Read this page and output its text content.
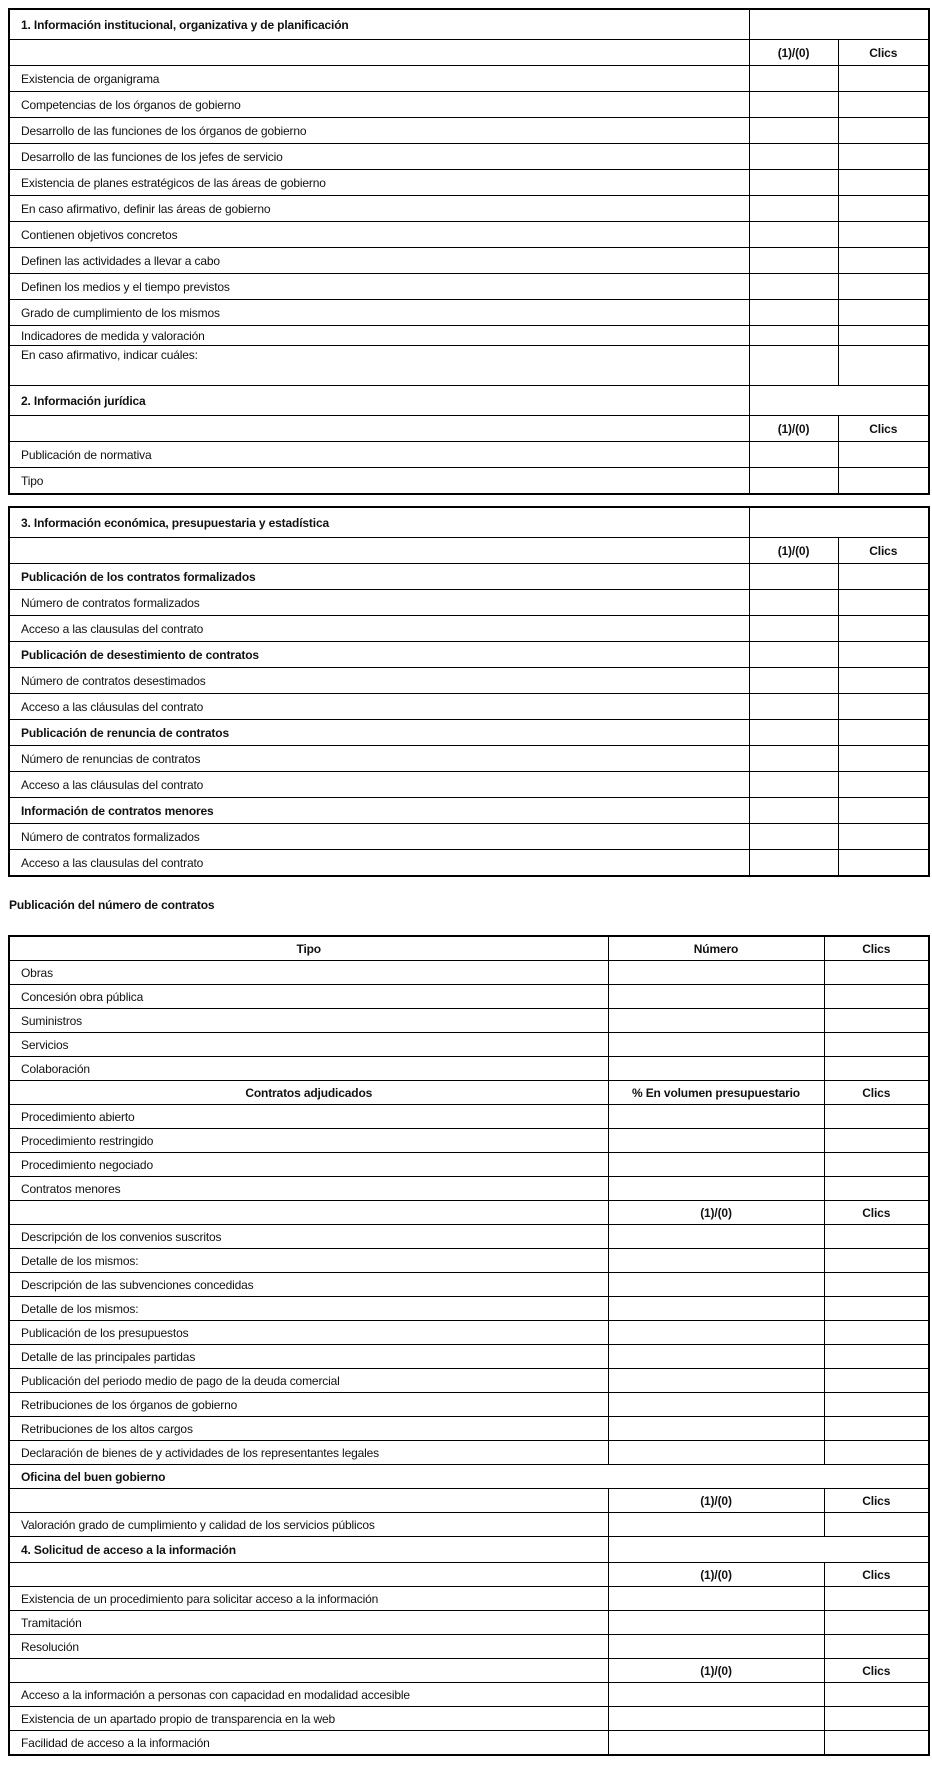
1. Información institucional, organizativa y de planificación		
	(1)/(0)	Clics
Existencia de organigrama		
Competencias de los órganos de gobierno		
Desarrollo de las funciones de los órganos de gobierno		
Desarrollo de las funciones de los jefes de servicio		
Existencia de planes estratégicos de las áreas de gobierno		
En caso afirmativo, definir las áreas de gobierno		
Contienen objetivos concretos		
Definen las actividades a llevar a cabo		
Definen los medios y el tiempo previstos		
Grado de cumplimiento de los mismos		
Indicadores de medida y valoración		
En caso afirmativo, indicar cuáles:		
2. Información jurídica		
	(1)/(0)	Clics
Publicación de normativa		
Tipo		
3. Información económica, presupuestaria y estadística		
	(1)/(0)	Clics
Publicación de los contratos formalizados		
Número de contratos formalizados		
Acceso a las clausulas del contrato		
Publicación de desestimiento de contratos		
Número de contratos desestimados		
Acceso a las cláusulas del contrato		
Publicación de renuncia de contratos		
Número de renuncias de contratos		
Acceso a las cláusulas del contrato		
Información de contratos menores		
Número de contratos formalizados		
Acceso a las clausulas del contrato		
Publicación del número de contratos
Tipo	Número	Clics
Obras		
Concesión obra pública		
Suministros		
Servicios		
Colaboración		
Contratos adjudicados	% En volumen presupuestario	Clics
Procedimiento abierto		
Procedimiento restringido		
Procedimiento negociado		
Contratos menores		
	(1)/(0)	Clics
Descripción de los convenios suscritos		
Detalle de los mismos:		
Descripción de las subvenciones concedidas		
Detalle de los mismos:		
Publicación de los presupuestos		
Detalle de las principales partidas		
Publicación del periodo medio de pago de la deuda comercial		
Retribuciones de los órganos de gobierno		
Retribuciones de los altos cargos		
Declaración de bienes de y actividades de los representantes legales		
Oficina del buen gobierno		
	(1)/(0)	Clics
Valoración grado de cumplimiento y calidad de los servicios públicos		
4. Solicitud de acceso a la información		
	(1)/(0)	Clics
Existencia de un procedimiento para solicitar acceso a la información		
Tramitación		
Resolución		
	(1)/(0)	Clics
Acceso a la información a personas con capacidad en modalidad accesible		
Existencia de un apartado propio de transparencia en la web		
Facilidad de acceso a la información		
